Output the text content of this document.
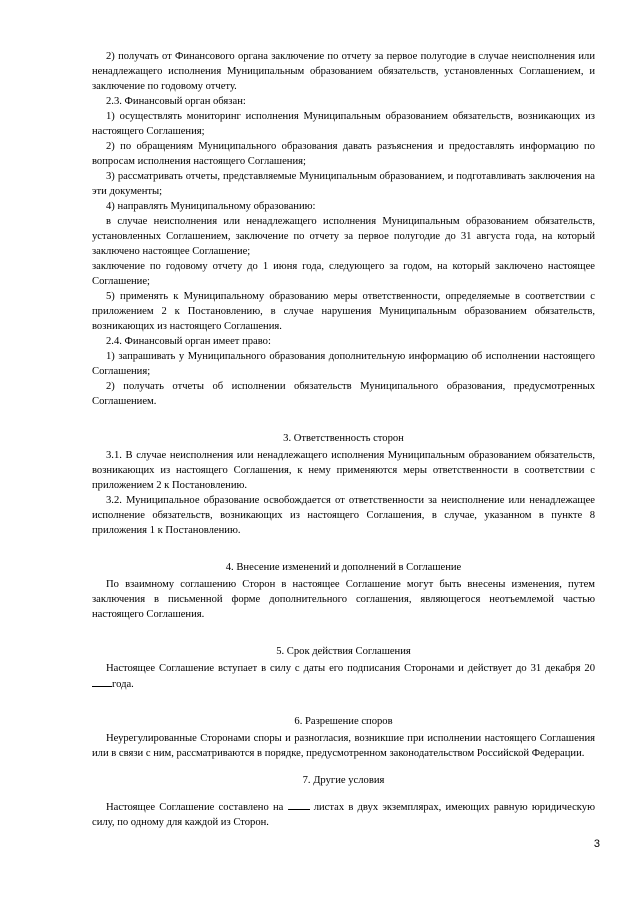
2) получать от Финансового органа заключение по отчету за первое полугодие в случае неисполнения или ненадлежащего исполнения Муниципальным образованием обязательств, установленных Соглашением, и заключение по годовому отчету.

2.3. Финансовый орган обязан:

1) осуществлять мониторинг исполнения Муниципальным образованием обязательств, возникающих из настоящего Соглашения;

2) по обращениям Муниципального образования давать разъяснения и предоставлять информацию по вопросам исполнения настоящего Соглашения;

3) рассматривать отчеты, представляемые Муниципальным образованием, и подготавливать заключения на эти документы;

4) направлять Муниципальному образованию:

в случае неисполнения или ненадлежащего исполнения Муниципальным образованием обязательств, установленных Соглашением, заключение по отчету за первое полугодие до 31 августа года, на который заключено настоящее Соглашение;

заключение по годовому отчету до 1 июня года, следующего за годом, на который заключено настоящее Соглашение;

5) применять к Муниципальному образованию меры ответственности, определяемые в соответствии с приложением 2 к Постановлению, в случае нарушения Муниципальным образованием обязательств, возникающих из настоящего Соглашения.

2.4. Финансовый орган имеет право:

1) запрашивать у Муниципального образования дополнительную информацию об исполнении настоящего Соглашения;

2) получать отчеты об исполнении обязательств Муниципального образования, предусмотренных Соглашением.

3. Ответственность сторон

3.1. В случае неисполнения или ненадлежащего исполнения Муниципальным образованием обязательств, возникающих из настоящего Соглашения, к нему применяются меры ответственности в соответствии с приложением 2 к Постановлению.

3.2. Муниципальное образование освобождается от ответственности за неисполнение или ненадлежащее исполнение обязательств, возникающих из настоящего Соглашения, в случае, указанном в пункте 8 приложения 1 к Постановлению.

4. Внесение изменений и дополнений в Соглашение

По взаимному соглашению Сторон в настоящее Соглашение могут быть внесены изменения, путем заключения в письменной форме дополнительного соглашения, являющегося неотъемлемой частью настоящего Соглашения.

5. Срок действия Соглашения

Настоящее Соглашение вступает в силу с даты его подписания Сторонами и действует до 31 декабря 20года.

6. Разрешение споров

Неурегулированные Сторонами споры и разногласия, возникшие при исполнении настоящего Соглашения или в связи с ним, рассматриваются в порядке, предусмотренном законодательством Российской Федерации.

7. Другие условия

Настоящее Соглашение составлено на  листах в двух экземплярах, имеющих равную юридическую силу, по одному для каждой из Сторон.

3
